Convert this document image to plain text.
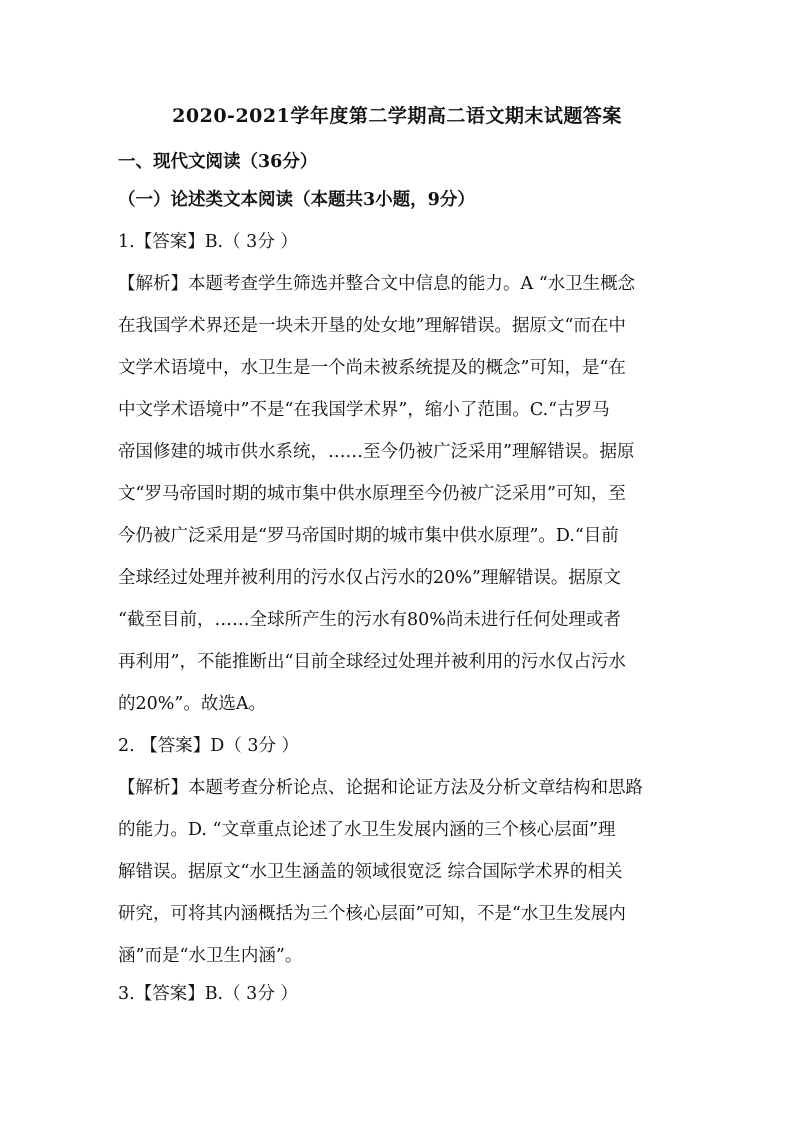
2020-2021学年度第二学期高二语文期末试题答案
一、现代文阅读（36分）
（一）论述类文本阅读（本题共3小题，9分）
1.【答案】B.（ 3分 ）
【解析】本题考查学生筛选并整合文中信息的能力。A “水卫生概念
在我国学术界还是一块未开垦的处女地”理解错误。据原文“而在中
文学术语境中，水卫生是一个尚未被系统提及的概念”可知，是“在
中文学术语境中”不是“在我国学术界”，缩小了范围。C.“古罗马
帝国修建的城市供水系统，……至今仍被广泛采用”理解错误。据原
文“罗马帝国时期的城市集中供水原理至今仍被广泛采用”可知，至
今仍被广泛采用是“罗马帝国时期的城市集中供水原理”。D.“目前
全球经过处理并被利用的污水仅占污水的20%”理解错误。据原文
“截至目前，……全球所产生的污水有80%尚未进行任何处理或者
再利用”，不能推断出“目前全球经过处理并被利用的污水仅占污水
的20%”。故选A。
2. 【答案】D（ 3分 ）
【解析】本题考查分析论点、论据和论证方法及分析文章结构和思路
的能力。D. “文章重点论述了水卫生发展内涵的三个核心层面”理
解错误。据原文“水卫生涵盖的领域很宽泛 综合国际学术界的相关
研究，可将其内涵概括为三个核心层面”可知，不是“水卫生发展内
涵”而是“水卫生内涵”。
3.【答案】B.（ 3分 ）
